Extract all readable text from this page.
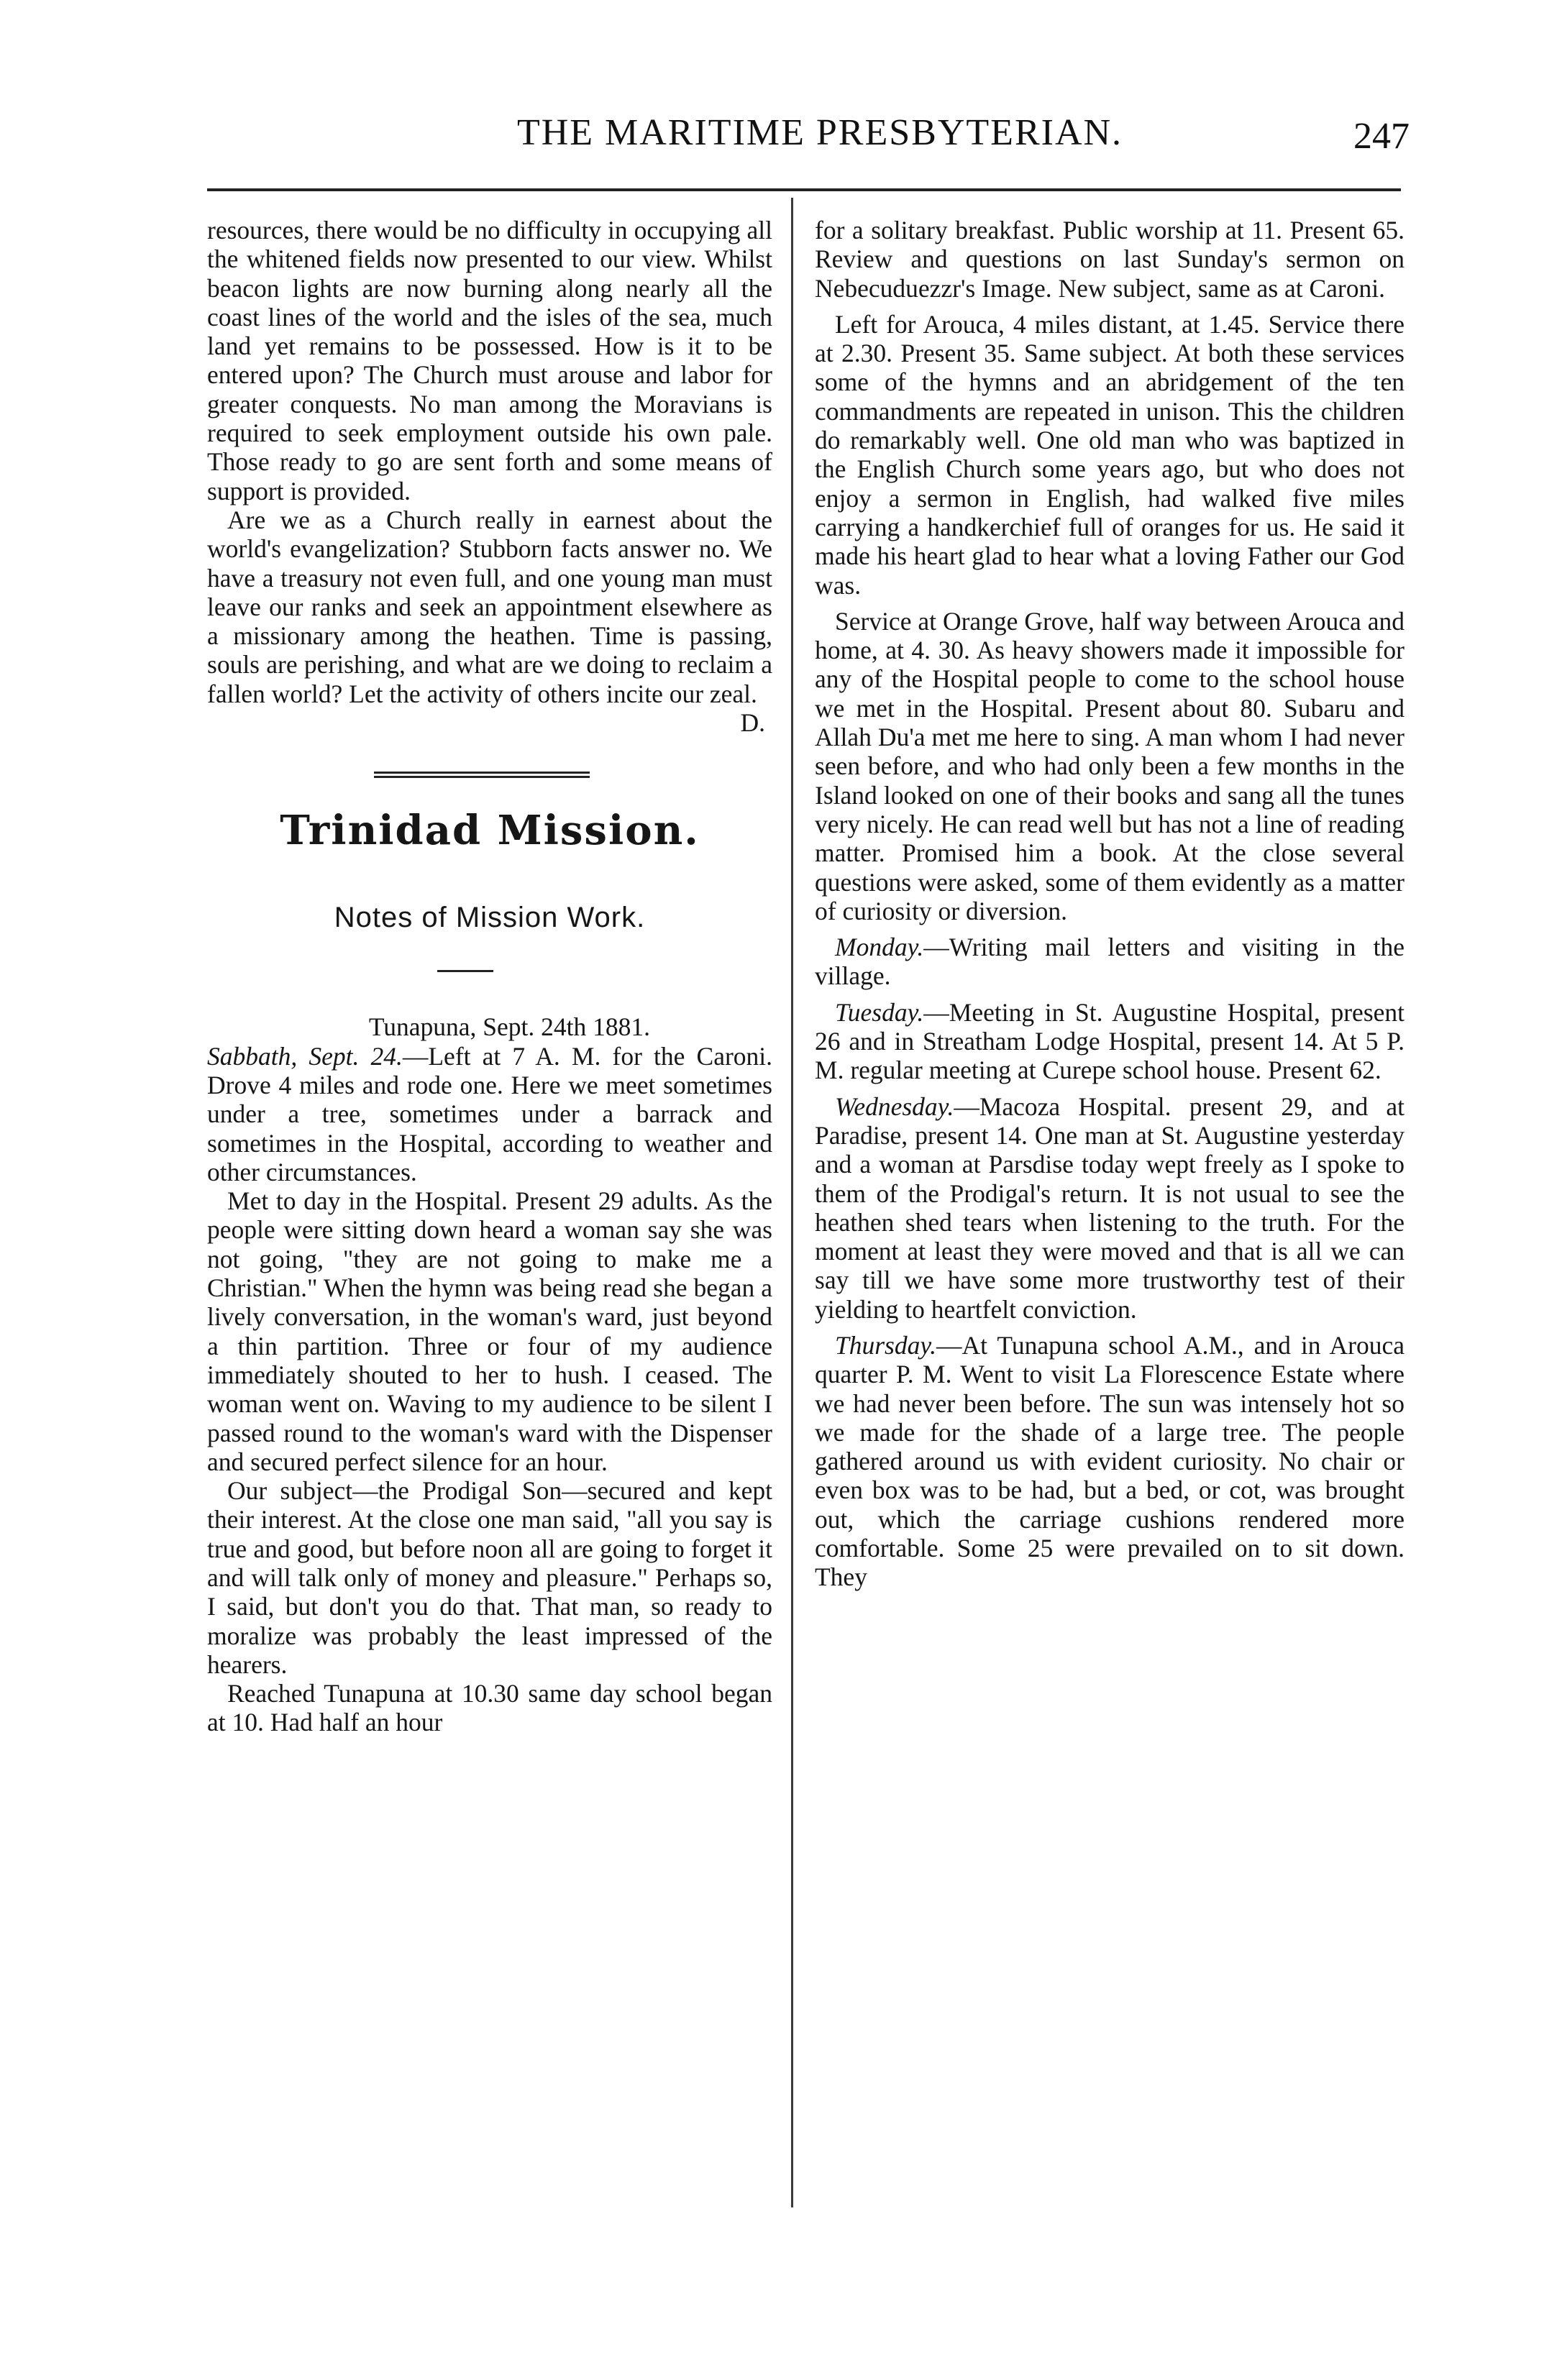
THE MARITIME PRESBYTERIAN.	247

resources, there would be no difficulty in occupying all the whitened fields now presented to our view. Whilst beacon lights are now burning along nearly all the coast lines of the world and the isles of the sea, much land yet remains to be possessed. How is it to be entered upon? The Church must arouse and labor for greater conquests. No man among the Moravians is required to seek employment outside his own pale. Those ready to go are sent forth and some means of support is provided.

Are we as a Church really in earnest about the world's evangelization? Stubborn facts answer no. We have a treasury not even full, and one young man must leave our ranks and seek an appointment elsewhere as a missionary among the heathen. Time is passing, souls are perishing, and what are we doing to reclaim a fallen world? Let the activity of others incite our zeal.

D.

Trinidad Mission.
Notes of Mission Work.
Tunapuna, Sept. 24th 1881.

Sabbath, Sept. 24.—Left at 7 A. M. for the Caroni. Drove 4 miles and rode one. Here we meet sometimes under a tree, sometimes under a barrack and sometimes in the Hospital, according to weather and other circumstances.

Met to day in the Hospital. Present 29 adults. As the people were sitting down heard a woman say she was not going, "they are not going to make me a Christian." When the hymn was being read she began a lively conversation, in the woman's ward, just beyond a thin partition. Three or four of my audience immediately shouted to her to hush. I ceased. The woman went on. Waving to my audience to be silent I passed round to the woman's ward with the Dispenser and secured perfect silence for an hour.

Our subject—the Prodigal Son—secured and kept their interest. At the close one man said, "all you say is true and good, but before noon all are going to forget it and will talk only of money and pleasure." Perhaps so, I said, but don't you do that. That man, so ready to moralize was probably the least impressed of the hearers.

Reached Tunapuna at 10.30 same day school began at 10. Had half an hour

for a solitary breakfast. Public worship at 11. Present 65. Review and questions on last Sunday's sermon on Nebecuduezzr's Image. New subject, same as at Caroni.

Left for Arouca, 4 miles distant, at 1.45. Service there at 2.30. Present 35. Same subject. At both these services some of the hymns and an abridgement of the ten commandments are repeated in unison. This the children do remarkably well. One old man who was baptized in the English Church some years ago, but who does not enjoy a sermon in English, had walked five miles carrying a handkerchief full of oranges for us. He said it made his heart glad to hear what a loving Father our God was.

Service at Orange Grove, half way between Arouca and home, at 4. 30. As heavy showers made it impossible for any of the Hospital people to come to the school house we met in the Hospital. Present about 80. Subaru and Allah Du'a met me here to sing. A man whom I had never seen before, and who had only been a few months in the Island looked on one of their books and sang all the tunes very nicely. He can read well but has not a line of reading matter. Promised him a book. At the close several questions were asked, some of them evidently as a matter of curiosity or diversion.

Monday.—Writing mail letters and visiting in the village.

Tuesday.—Meeting in St. Augustine Hospital, present 26 and in Streatham Lodge Hospital, present 14. At 5 P. M. regular meeting at Curepe school house. Present 62.

Wednesday.—Macoza Hospital. present 29, and at Paradise, present 14. One man at St. Augustine yesterday and a woman at Parsdise today wept freely as I spoke to them of the Prodigal's return. It is not usual to see the heathen shed tears when listening to the truth. For the moment at least they were moved and that is all we can say till we have some more trustworthy test of their yielding to heartfelt conviction.

Thursday.—At Tunapuna school A.M., and in Arouca quarter P. M. Went to visit La Florescence Estate where we had never been before. The sun was intensely hot so we made for the shade of a large tree. The people gathered around us with evident curiosity. No chair or even box was to be had, but a bed, or cot, was brought out, which the carriage cushions rendered more comfortable. Some 25 were prevailed on to sit down. They
